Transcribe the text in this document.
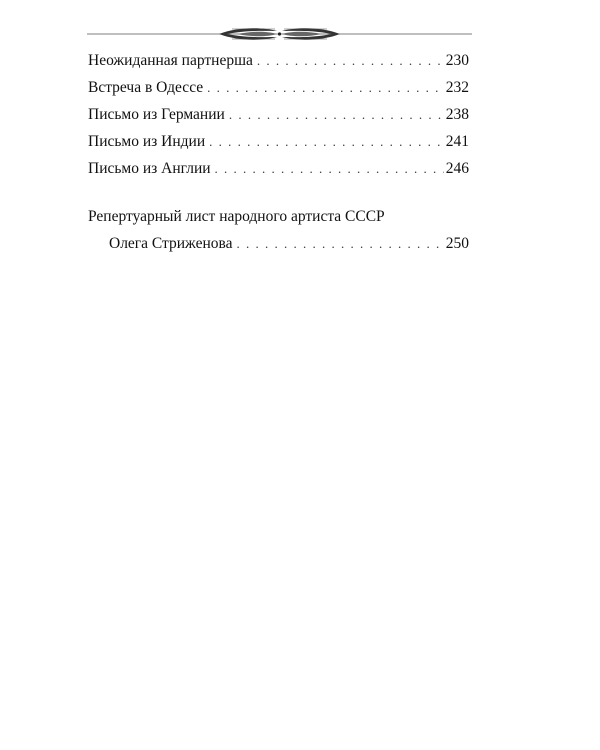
Неожиданная партнерша . . .	230
Встреча в Одессе . . .	232
Письмо из Германии . . .	238
Письмо из Индии . . .	241
Письмо из Англии . . .	246
Репертуарный лист народного артиста СССР
Олега Стриженова . . .	250
